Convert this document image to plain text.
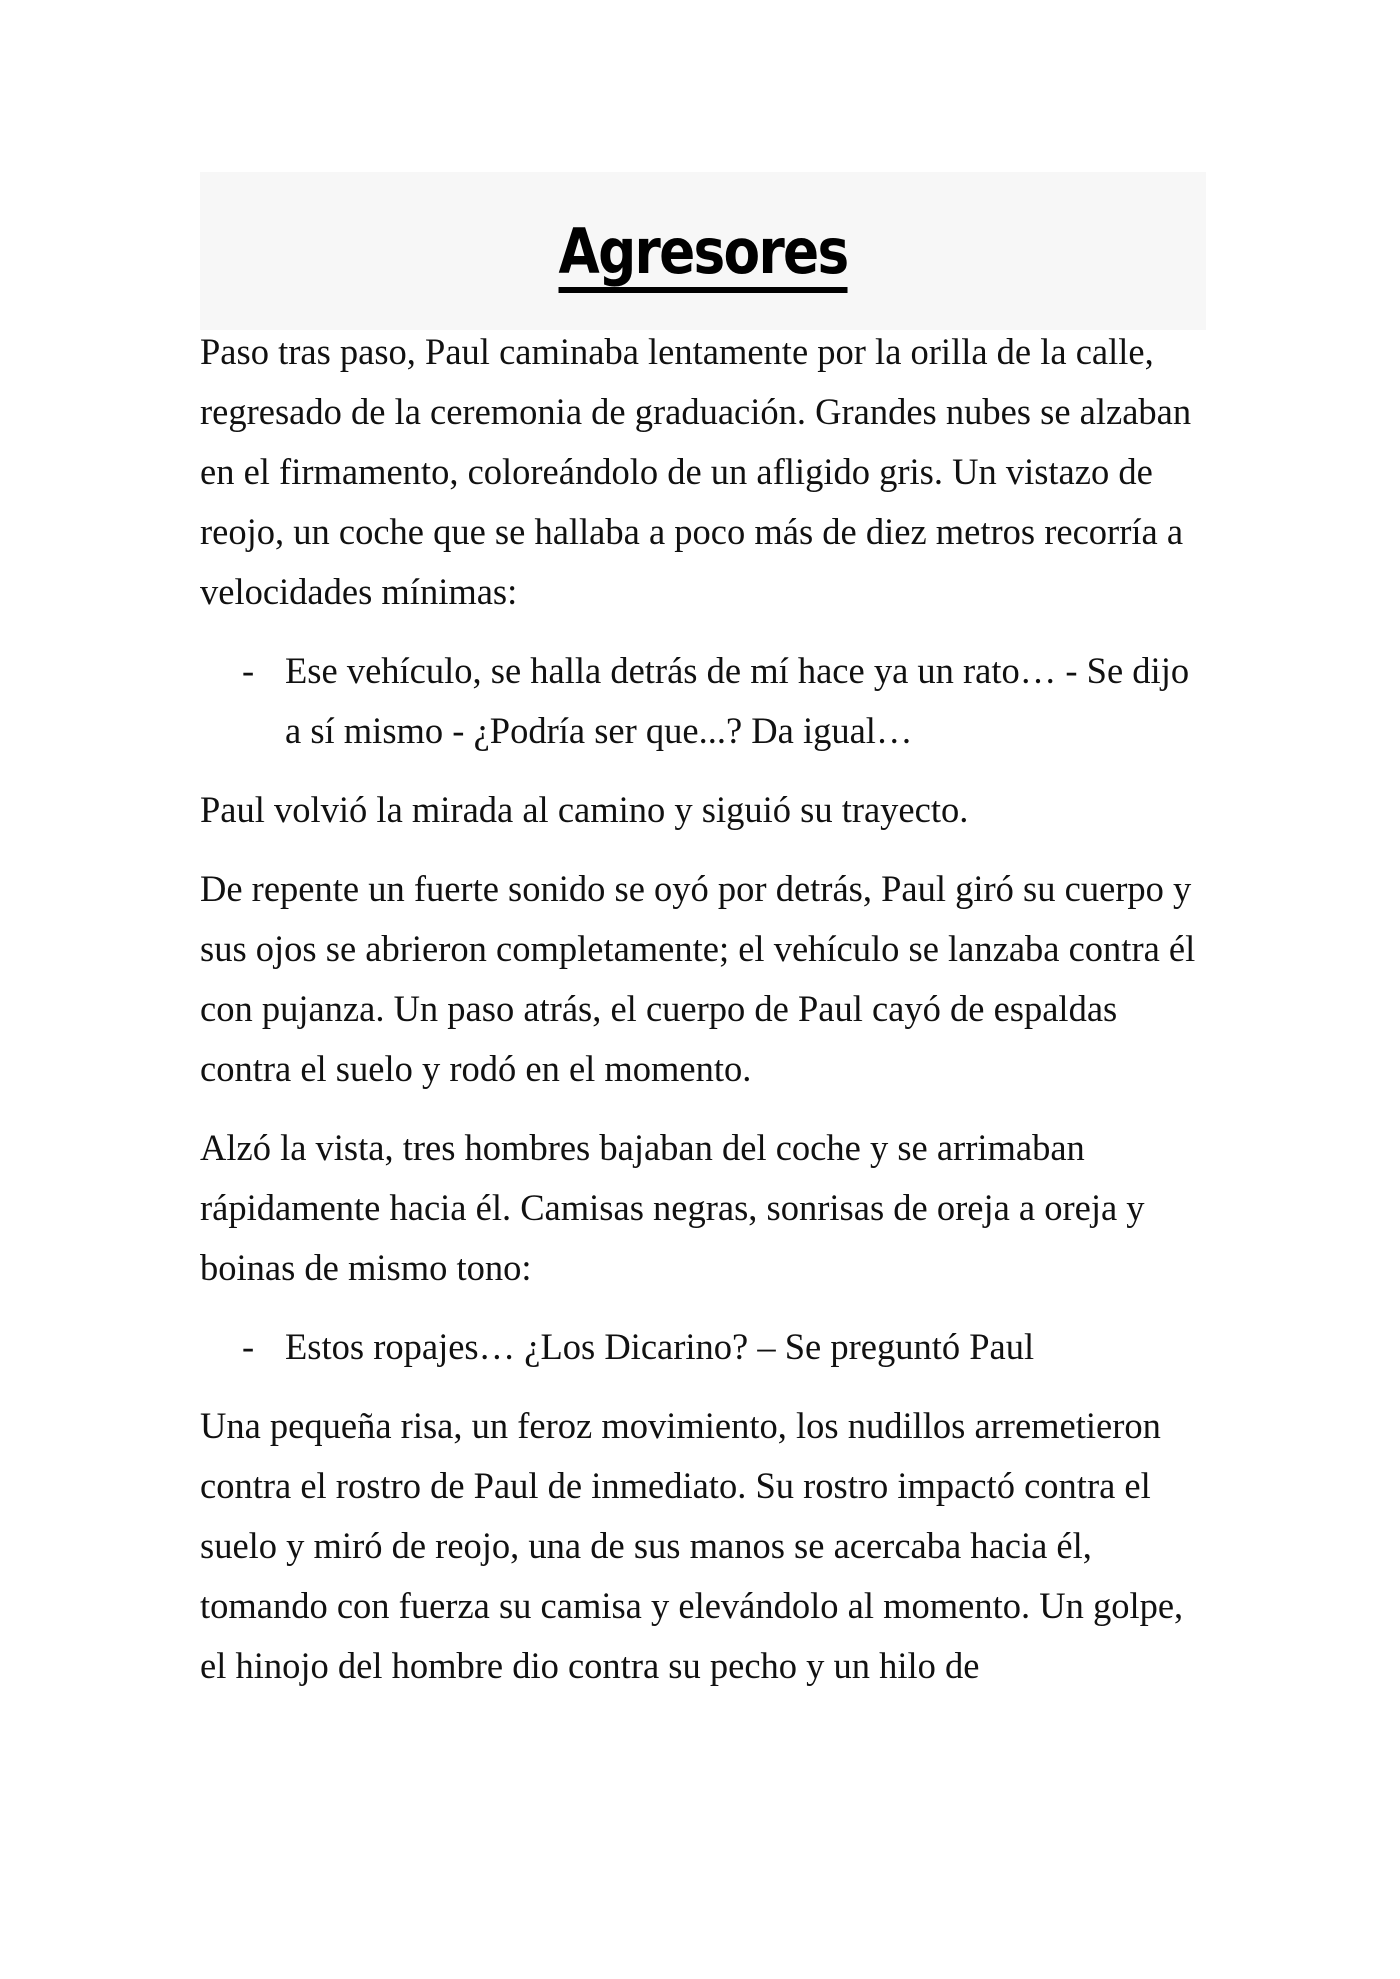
Agresores

Paso tras paso, Paul caminaba lentamente por la orilla de la calle, regresado de la ceremonia de graduación. Grandes nubes se alzaban en el firmamento, coloreándolo de un afligido gris. Un vistazo de reojo, un coche que se hallaba a poco más de diez metros recorría a velocidades mínimas:

- Ese vehículo, se halla detrás de mí hace ya un rato… - Se dijo a sí mismo - ¿Podría ser que...? Da igual…

Paul volvió la mirada al camino y siguió su trayecto.

De repente un fuerte sonido se oyó por detrás, Paul giró su cuerpo y sus ojos se abrieron completamente; el vehículo se lanzaba contra él con pujanza. Un paso atrás, el cuerpo de Paul cayó de espaldas contra el suelo y rodó en el momento.

Alzó la vista, tres hombres bajaban del coche y se arrimaban rápidamente hacia él. Camisas negras, sonrisas de oreja a oreja y boinas de mismo tono:

- Estos ropajes… ¿Los Dicarino? – Se preguntó Paul

Una pequeña risa, un feroz movimiento, los nudillos arremetieron contra el rostro de Paul de inmediato. Su rostro impactó contra el suelo y miró de reojo, una de sus manos se acercaba hacia él, tomando con fuerza su camisa y elevándolo al momento. Un golpe, el hinojo del hombre dio contra su pecho y un hilo de
